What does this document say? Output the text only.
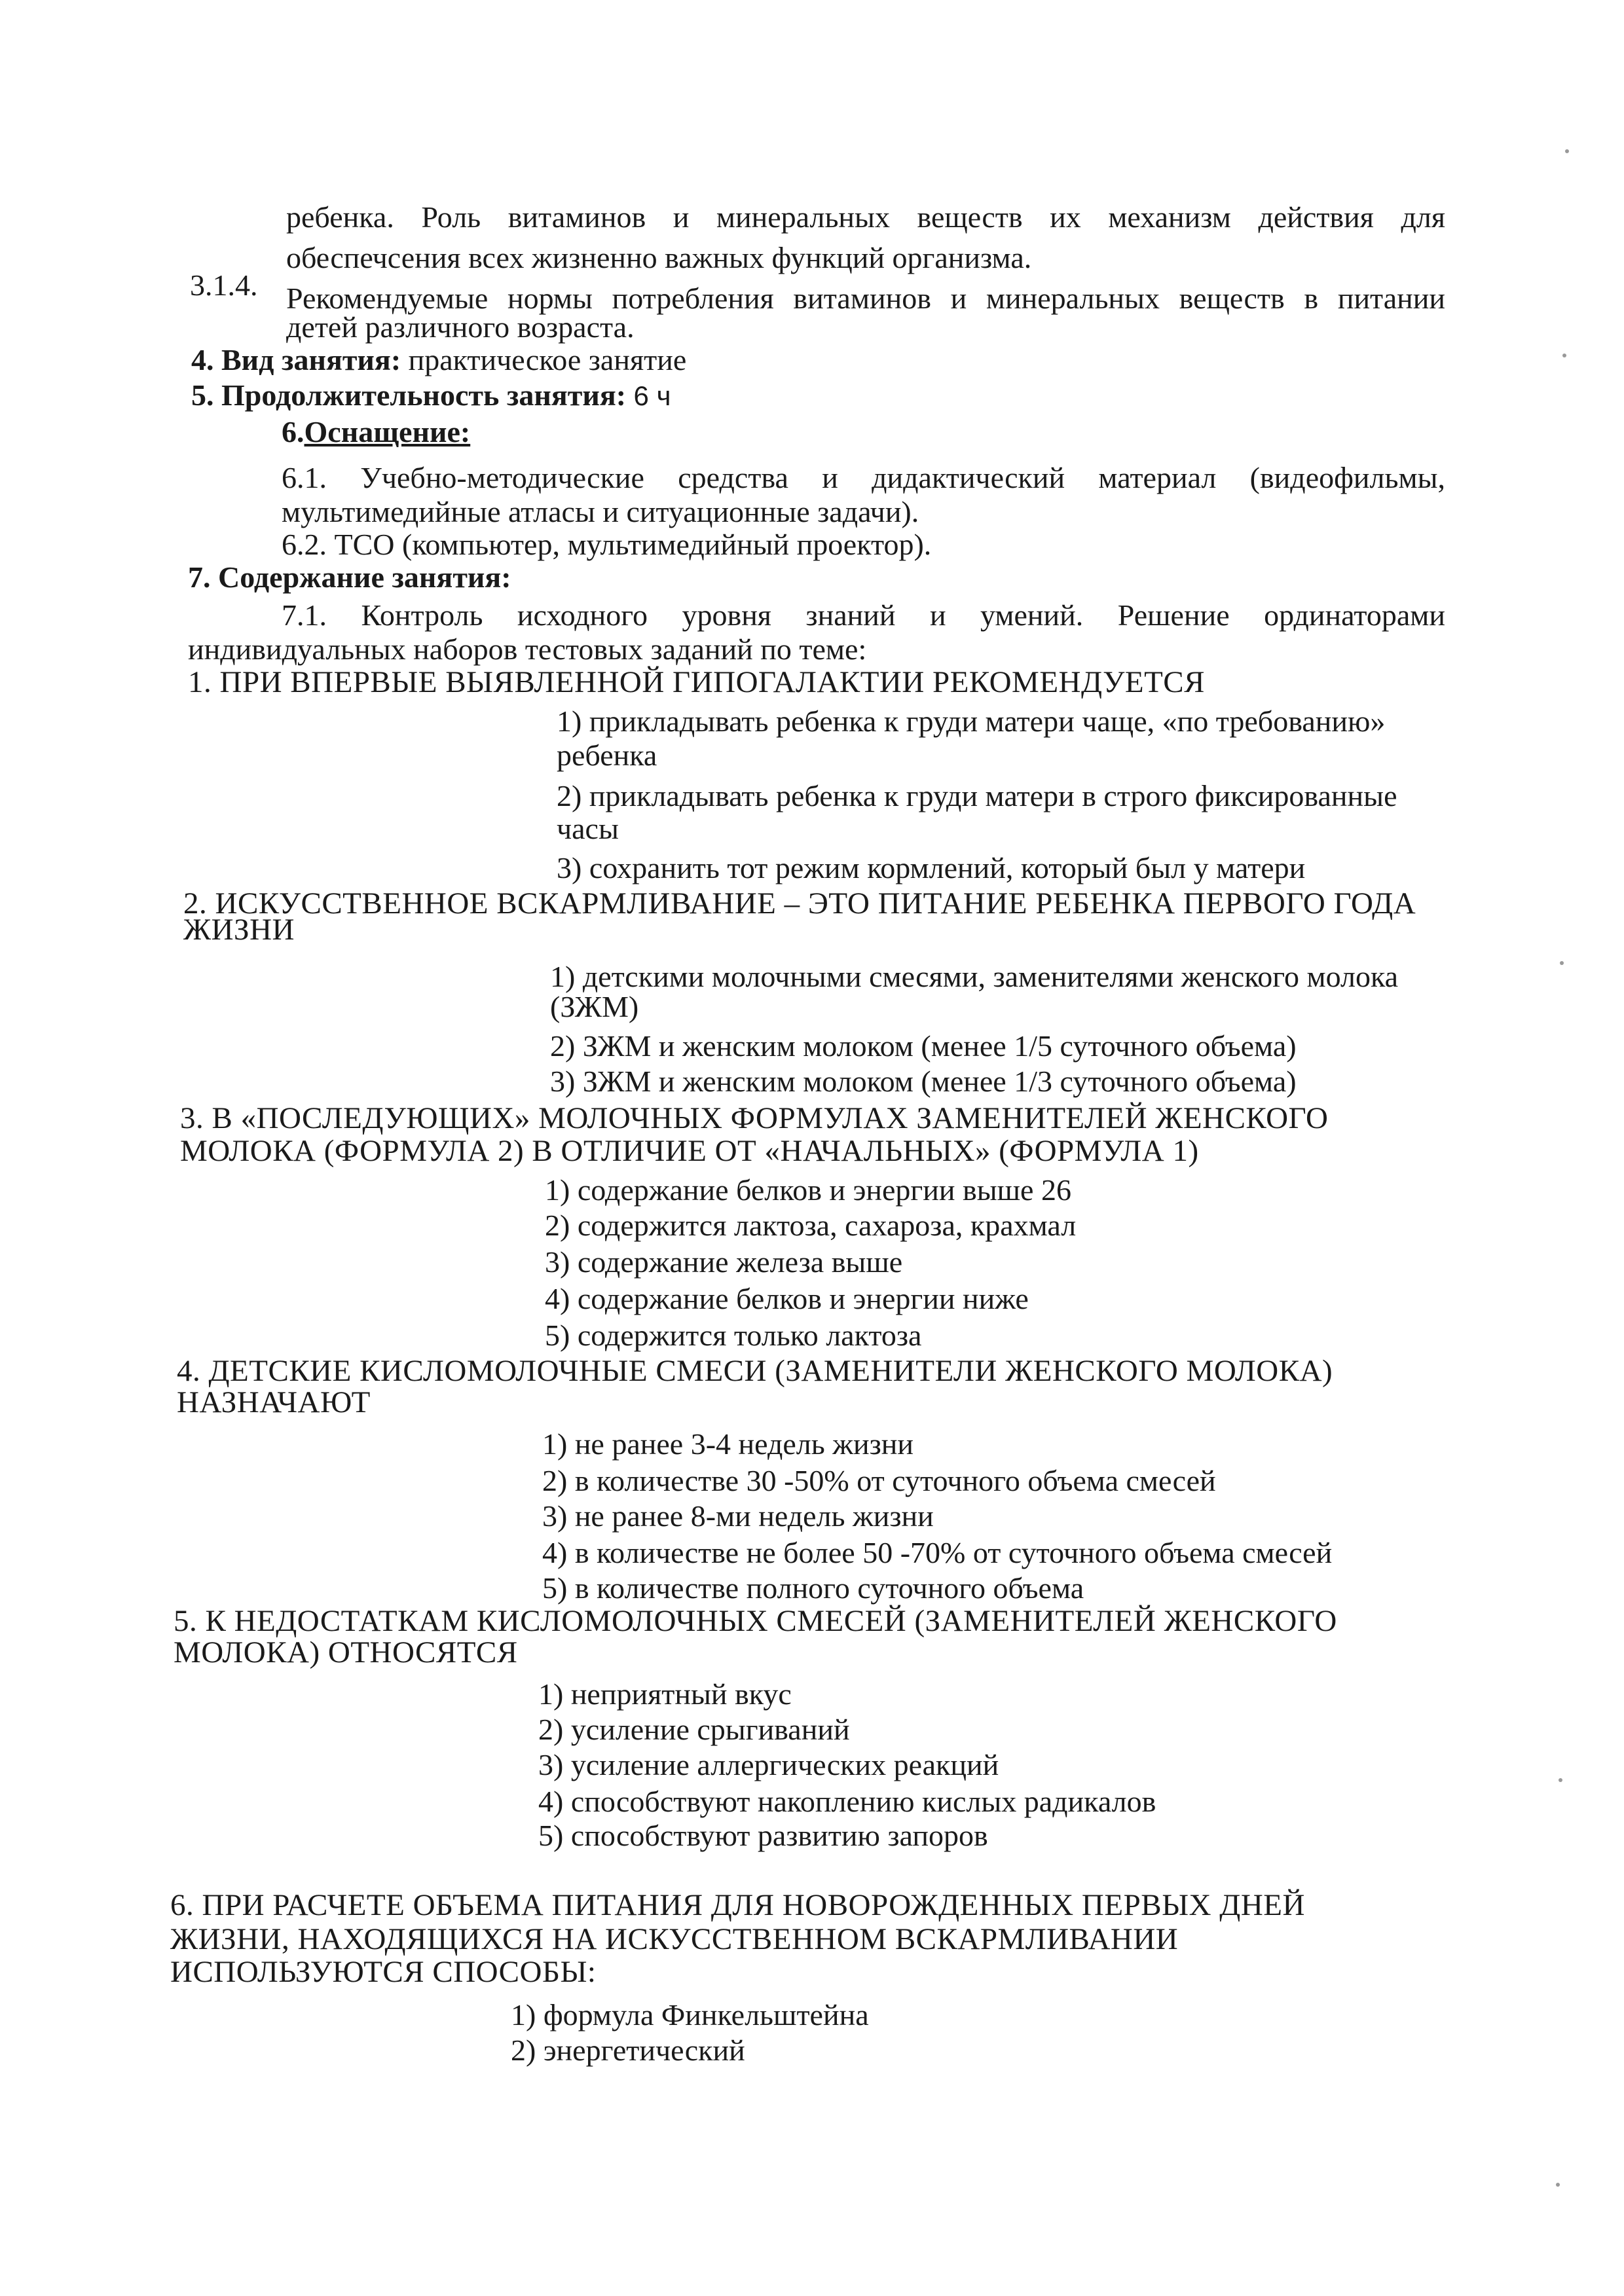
ребенка. Роль витаминов и минеральных веществ их механизм действия для
обеспечсения всех жизненно важных функций организма.
3.1.4. Рекомендуемые нормы потребления витаминов и минеральных веществ в питании
детей различного возраста.
4. Вид занятия: практическое занятие
5. Продолжительность занятия: 6 ч
6.Оснащение:
6.1. Учебно-методические средства и дидактический материал (видеофильмы,
мультимедийные атласы и ситуационные задачи).
6.2. ТСО (компьютер, мультимедийный проектор).
7. Содержание занятия:
7.1. Контроль исходного уровня знаний и умений. Решение ординаторами
индивидуальных наборов тестовых заданий по теме:
1. ПРИ ВПЕРВЫЕ ВЫЯВЛЕННОЙ ГИПОГАЛАКТИИ РЕКОМЕНДУЕТСЯ
1) прикладывать ребенка к груди матери чаще, «по требованию»
ребенка
2) прикладывать ребенка к груди матери в строго фиксированные
часы
3) сохранить тот режим кормлений, который был у матери
2. ИСКУССТВЕННОЕ ВСКАРМЛИВАНИЕ – ЭТО ПИТАНИЕ РЕБЕНКА ПЕРВОГО ГОДА
ЖИЗНИ
1) детскими молочными смесями, заменителями женского молока
(ЗЖМ)
2) ЗЖМ и женским молоком (менее 1/5 суточного объема)
3) ЗЖМ и женским молоком (менее 1/3 суточного объема)
3. В «ПОСЛЕДУЮЩИХ» МОЛОЧНЫХ ФОРМУЛАХ ЗАМЕНИТЕЛЕЙ ЖЕНСКОГО
МОЛОКА (ФОРМУЛА 2) В ОТЛИЧИЕ ОТ «НАЧАЛЬНЫХ» (ФОРМУЛА 1)
1) содержание белков и энергии выше 26
2) содержится лактоза, сахароза, крахмал
3) содержание железа выше
4) содержание белков и энергии ниже
5) содержится только лактоза
4. ДЕТСКИЕ КИСЛОМОЛОЧНЫЕ СМЕСИ (ЗАМЕНИТЕЛИ ЖЕНСКОГО МОЛОКА)
НАЗНАЧАЮТ
1) не ранее 3-4 недель жизни
2) в количестве 30 -50% от суточного объема смесей
3) не ранее 8-ми недель жизни
4) в количестве не более 50 -70% от суточного объема смесей
5) в количестве полного суточного объема
5. К НЕДОСТАТКАМ КИСЛОМОЛОЧНЫХ СМЕСЕЙ (ЗАМЕНИТЕЛЕЙ ЖЕНСКОГО
МОЛОКА) ОТНОСЯТСЯ
1) неприятный вкус
2) усиление срыгиваний
3) усиление аллергических реакций
4) способствуют накоплению кислых радикалов
5) способствуют развитию запоров
6. ПРИ РАСЧЕТЕ ОБЪЕМА ПИТАНИЯ ДЛЯ НОВОРОЖДЕННЫХ ПЕРВЫХ ДНЕЙ
ЖИЗНИ, НАХОДЯЩИХСЯ НА ИСКУССТВЕННОМ ВСКАРМЛИВАНИИ
ИСПОЛЬЗУЮТСЯ СПОСОБЫ:
1) формула Финкельштейна
2) энергетический
